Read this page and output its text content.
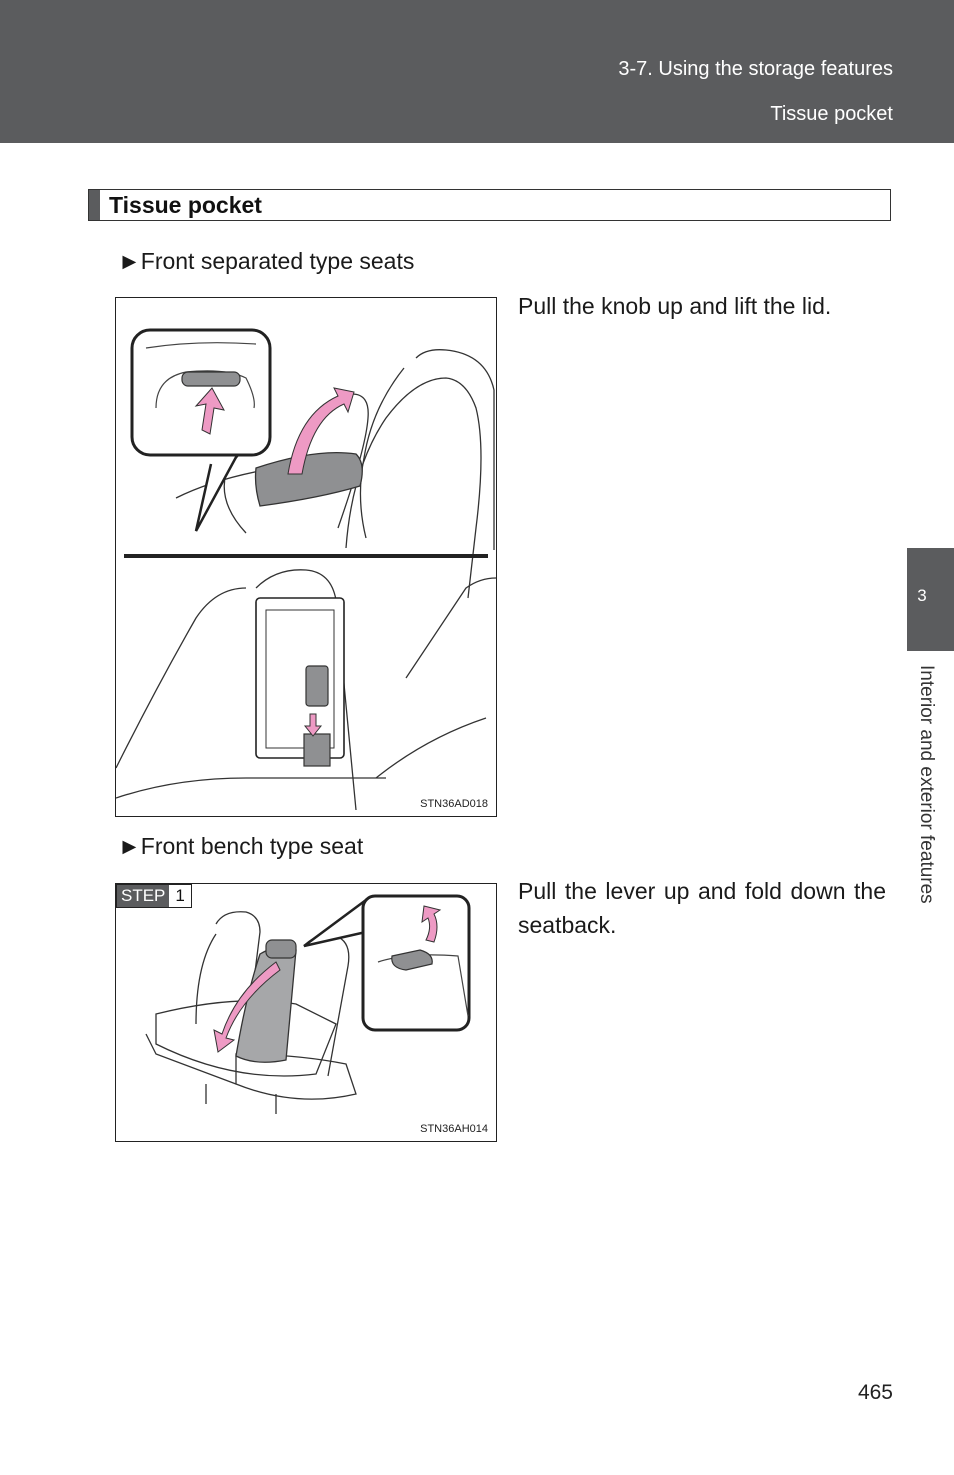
3-7. Using the storage features
Tissue pocket
Tissue pocket
►Front separated type seats
STN36AD018
Pull the knob up and lift the lid.
►Front bench type seat
STEP 1
STN36AH014
Pull the lever up and fold down the seatback.
3
Interior and exterior features
465
